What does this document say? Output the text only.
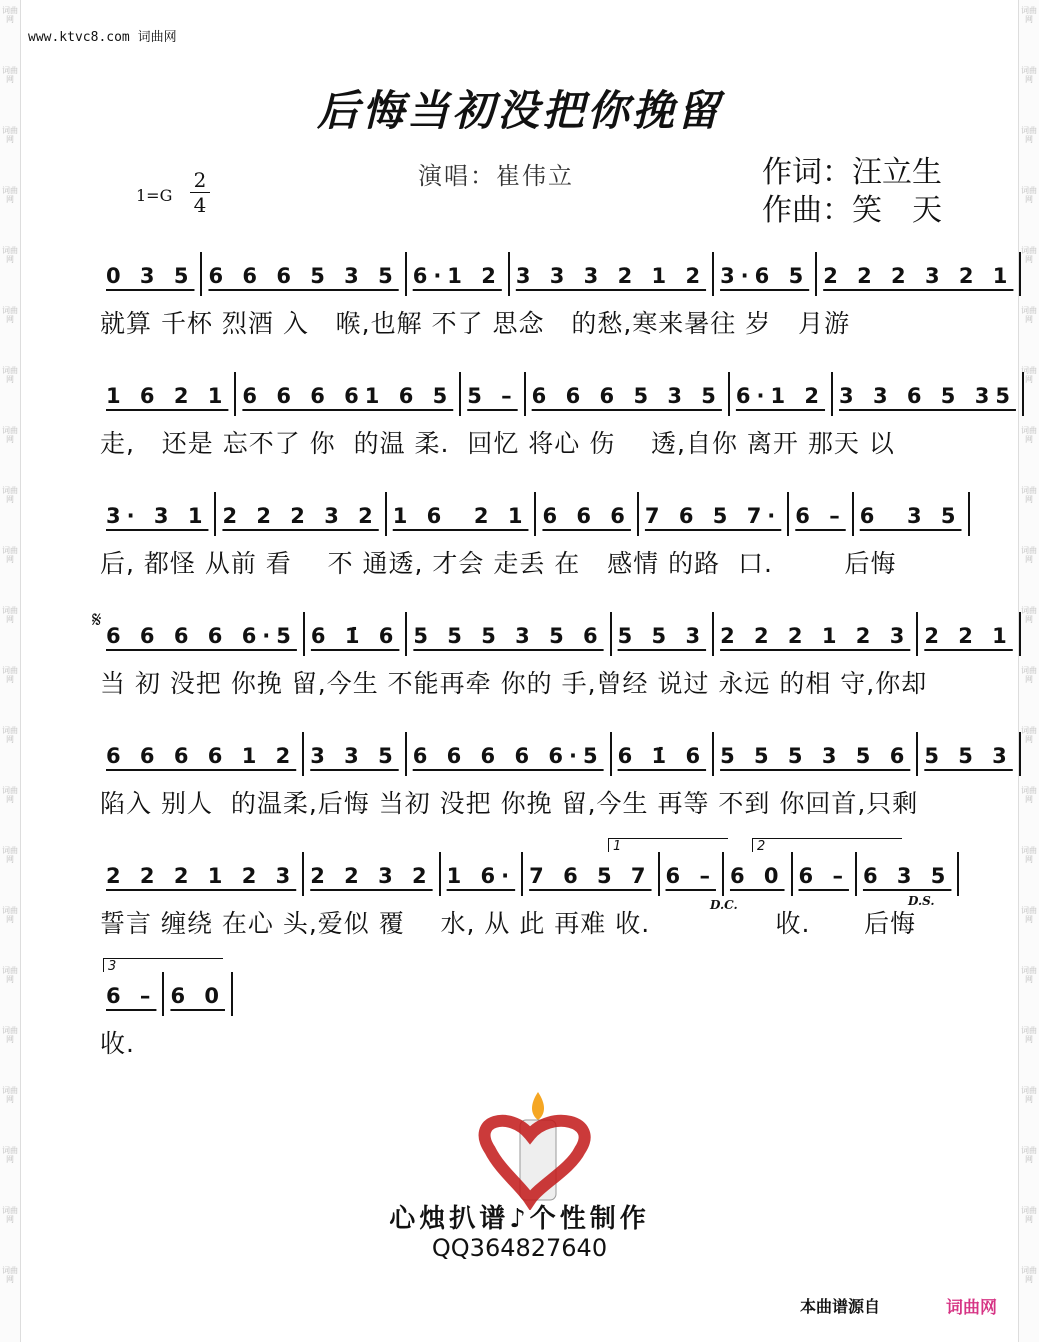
词曲网
词曲网
词曲网
词曲网
词曲网
词曲网
词曲网
词曲网
词曲网
词曲网
词曲网
词曲网
词曲网
词曲网
词曲网
词曲网
词曲网
词曲网
词曲网
词曲网
词曲网
词曲网
词曲网
词曲网
词曲网
词曲网
词曲网
词曲网
词曲网
词曲网
词曲网
词曲网
词曲网
词曲网
词曲网
词曲网
词曲网
词曲网
词曲网
词曲网
词曲网
词曲网
词曲网
词曲网
www.ktvc8.com 词曲网
后悔当初没把你挽留
演唱：崔伟立	作词：汪立生
作曲：笑　天
1=G
2
4
0 3 5 6 6 6 5 3 5 6·1 2 3 3 3 2 1 2 3·6 5 2 2 2 3 2 1
就算 千杯 烈酒 入   喉,也解 不了 思念   的愁,寒来暑往 岁   月游
1 6 2 1 6 6 6 61 6 5 5 – 6 6 6 5 3 5 6·1 2 3 3 6 5 35
走,   还是 忘不了 你  的温 柔.  回忆 将心 伤    透,自你 离开 那天 以
3· 3 1 2 2 2 3 2 1 6  2 1 6 6 6 7 6 5 7· 6 – 6  3 5
后, 都怪 从前 看    不 通透, 才会 走丢 在   感情 的路  口.        后悔
6 6 6 6 6·5 6 1̇ 6 5 5 5 3 5 6 5 5 3 2 2 2 1 2 3 2 2 1
当 初 没把 你挽 留,今生 不能再牵 你的 手,曾经 说过 永远 的相 守,你却
6 6 6 6 1 2 3 3 5 6 6 6 6 6·5 6 1̇ 6 5 5 5 3 5 6 5 5 3
陷入 别人  的温柔,后悔 当初 没把 你挽 留,今生 再等 不到 你回首,只剩
2 2 2 1 2 3 2 2 3 2 1 6· 7 6 5 7 6 – 6 0 6 – 6 3 5
誓言 缠绕 在心 头,爱似 覆    水, 从 此 再难 收.              收.      后悔
6 – 6 0
收.
𝄋
D.C.	D.S.
1	2
3
心烛扒谱♪个性制作
QQ364827640
本曲谱源自	词曲网
